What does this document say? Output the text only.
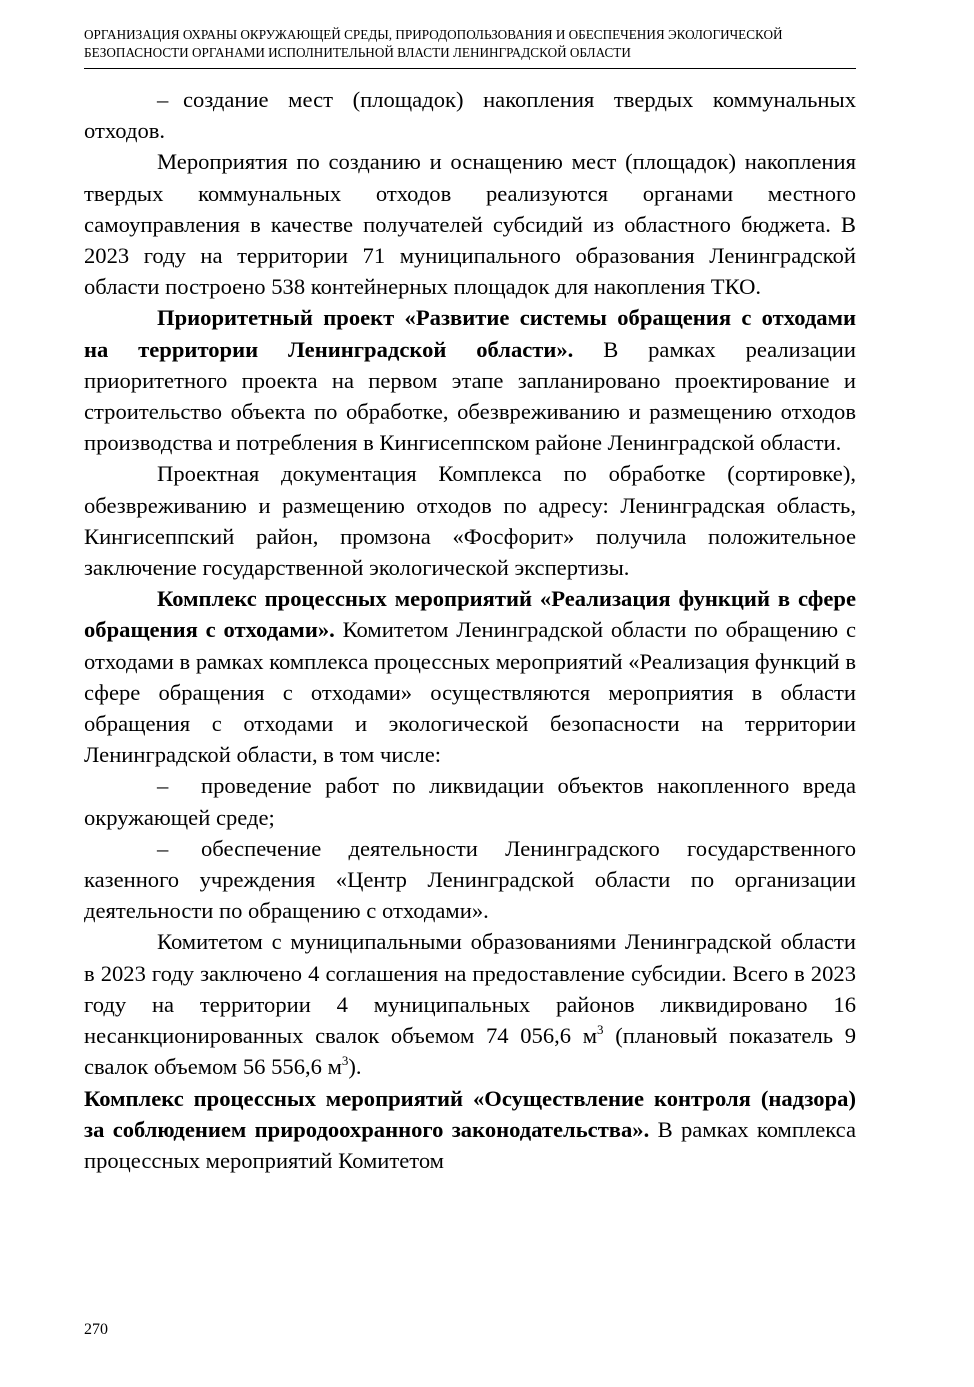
ОРГАНИЗАЦИЯ ОХРАНЫ ОКРУЖАЮЩЕЙ СРЕДЫ, ПРИРОДОПОЛЬЗОВАНИЯ И ОБЕСПЕЧЕНИЯ ЭКОЛОГИЧЕСКОЙ
БЕЗОПАСНОСТИ ОРГАНАМИ ИСПОЛНИТЕЛЬНОЙ ВЛАСТИ ЛЕНИНГРАДСКОЙ ОБЛАСТИ

– создание мест (площадок) накопления твердых коммунальных отходов.

Мероприятия по созданию и оснащению мест (площадок) накопления твердых коммунальных отходов реализуются органами местного самоуправления в качестве получателей субсидий из областного бюджета. В 2023 году на территории 71 муниципального образования Ленинградской области построено 538 контейнерных площадок для накопления ТКО.

Приоритетный проект «Развитие системы обращения с отходами на территории Ленинградской области». В рамках реализации приоритетного проекта на первом этапе запланировано проектирование и строительство объекта по обработке, обезвреживанию и размещению отходов производства и потребления в Кингисеппском районе Ленинградской области.

Проектная документация Комплекса по обработке (сортировке), обезвреживанию и размещению отходов по адресу: Ленинградская область, Кингисеппский район, промзона «Фосфорит» получила положительное заключение государственной экологической экспертизы.

Комплекс процессных мероприятий «Реализация функций в сфере обращения с отходами». Комитетом Ленинградской области по обращению с отходами в рамках комплекса процессных мероприятий «Реализация функций в сфере обращения с отходами» осуществляются мероприятия в области обращения с отходами и экологической безопасности на территории Ленинградской области, в том числе:

– проведение работ по ликвидации объектов накопленного вреда окружающей среде;

– обеспечение деятельности Ленинградского государственного казенного учреждения «Центр Ленинградской области по организации деятельности по обращению с отходами».

Комитетом с муниципальными образованиями Ленинградской области в 2023 году заключено 4 соглашения на предоставление субсидии. Всего в 2023 году на территории 4 муниципальных районов ликвидировано 16 несанкционированных свалок объемом 74 056,6 $м^3$ (плановый показатель 9 свалок объемом 56 556,6 $м^3$).

Комплекс процессных мероприятий «Осуществление контроля (надзора) за соблюдением природоохранного законодательства». В рамках комплекса процессных мероприятий Комитетом

270
